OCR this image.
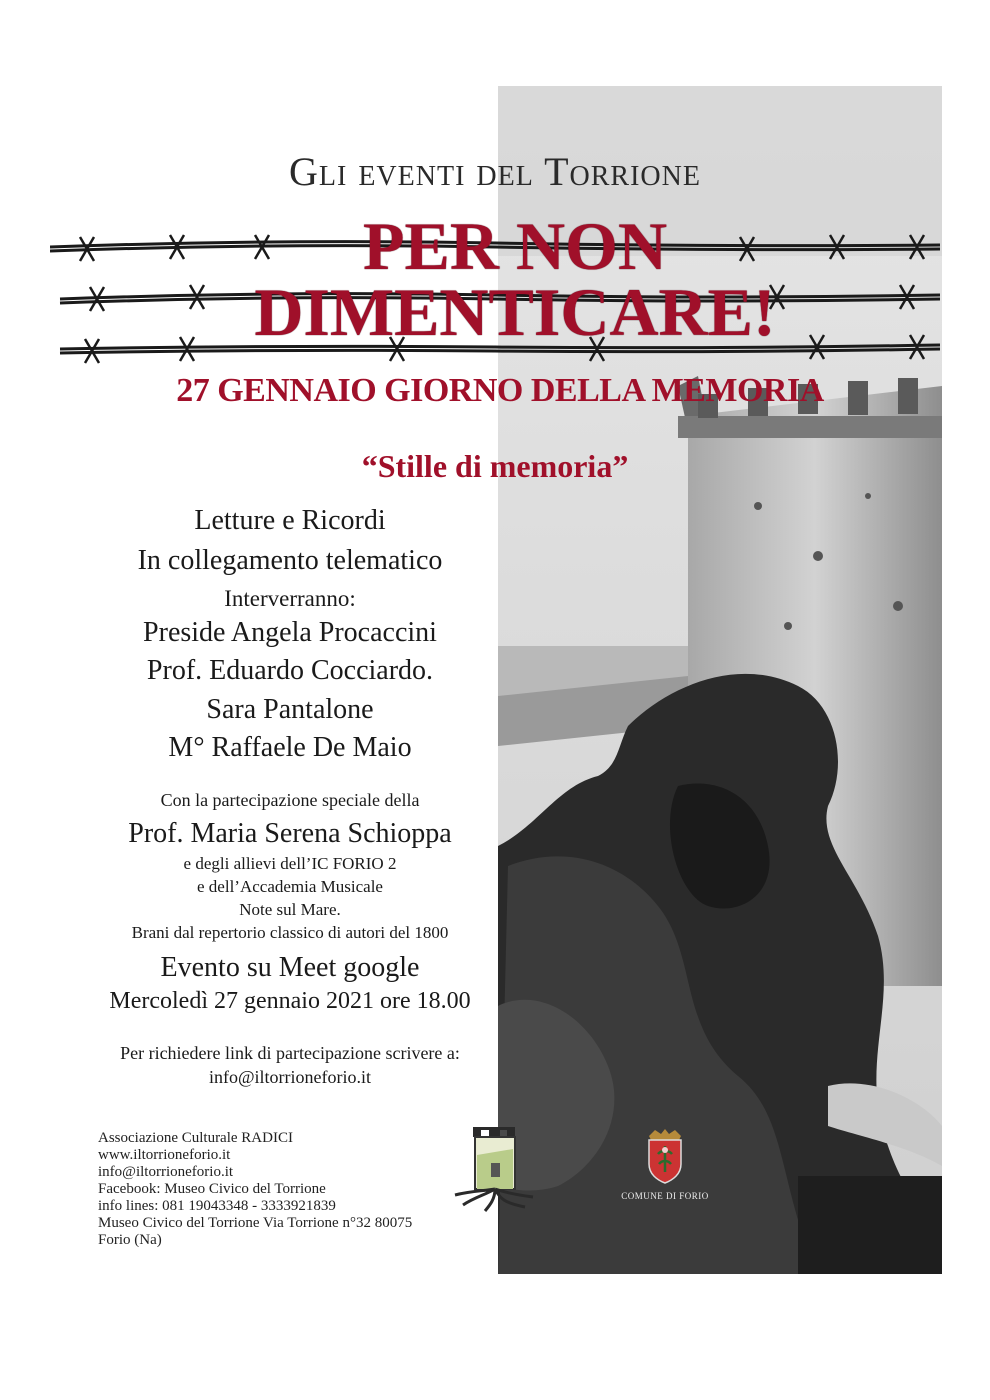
Gli eventi del Torrione
PER NON
DIMENTICARE!
27 GENNAIO GIORNO DELLA MEMORIA
“Stille di memoria”
Letture e Ricordi
In collegamento telematico
Interverranno:
Preside Angela Procaccini
Prof. Eduardo Cocciardo.
Sara Pantalone
M° Raffaele De Maio
Con la partecipazione speciale della
Prof. Maria Serena Schioppa
e degli allievi dell’IC FORIO 2
e dell’Accademia Musicale
Note sul Mare.
Brani dal repertorio classico di autori del 1800
Evento su Meet google
Mercoledì 27 gennaio 2021 ore 18.00
Per richiedere link di partecipazione scrivere a:
info@iltorrioneforio.it
Associazione Culturale RADICI
www.iltorrioneforio.it
info@iltorrioneforio.it
Facebook: Museo Civico del Torrione
info lines: 081 19043348 - 3333921839
Museo Civico del Torrione Via Torrione n°32 80075
Forio (Na)
COMUNE DI FORIO
